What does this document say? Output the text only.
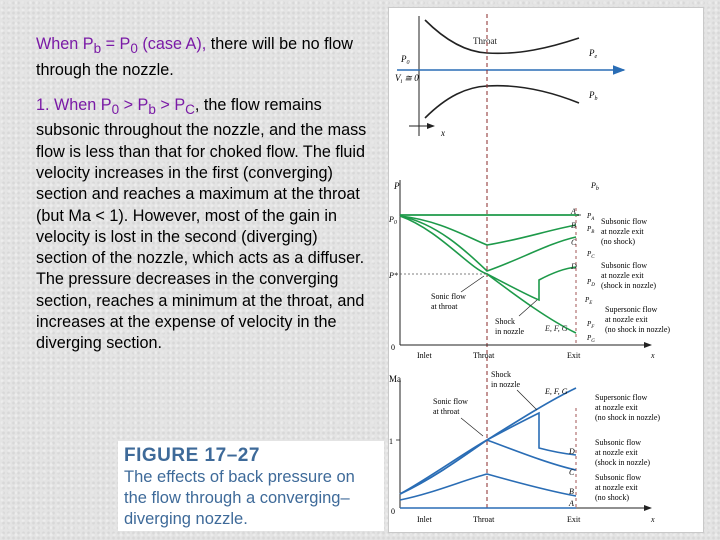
When $P_b = P_0$ (case A), there will be no flow through the nozzle.

1. When $P_0 > P_b > P_C$, the flow remains subsonic throughout the nozzle, and the mass flow is less than that for choked flow. The fluid velocity increases in the first (converging) section and reaches a maximum at the throat (but Ma < 1). However, most of the gain in velocity is lost in the second (diverging) section of the nozzle, which acts as a diffuser. The pressure decreases in the converging section, reaches a minimum at the throat, and increases at the expense of velocity in the diverging section.

FIGURE 17–27
The effects of back pressure on the flow through a converging–diverging nozzle.
Throat
$P_0$
$V_i$ ≅ 0
$P_e$
$P_b$
x
P
$P_0$
P*
0
$P_b$
A
B
C
D
E, F, G
$P_A$
$P_B$
$P_C$
$P_D$
$P_E$
$P_F$
$P_G$
Subsonic flow
at nozzle exit
(no shock)
Subsonic flow
at nozzle exit
(shock in nozzle)
Supersonic flow
at nozzle exit
(no shock in nozzle)
Sonic flow
at throat
Shock
in nozzle
Inlet	Throat	Exit	x
Ma
1
0
Sonic flow
at throat
Shock
in nozzle
E, F, G
D
C
B
A
Supersonic flow
at nozzle exit
(no shock in nozzle)
Subsonic flow
at nozzle exit
(shock in nozzle)
Subsonic flow
at nozzle exit
(no shock)
Inlet	Throat	Exit	x
